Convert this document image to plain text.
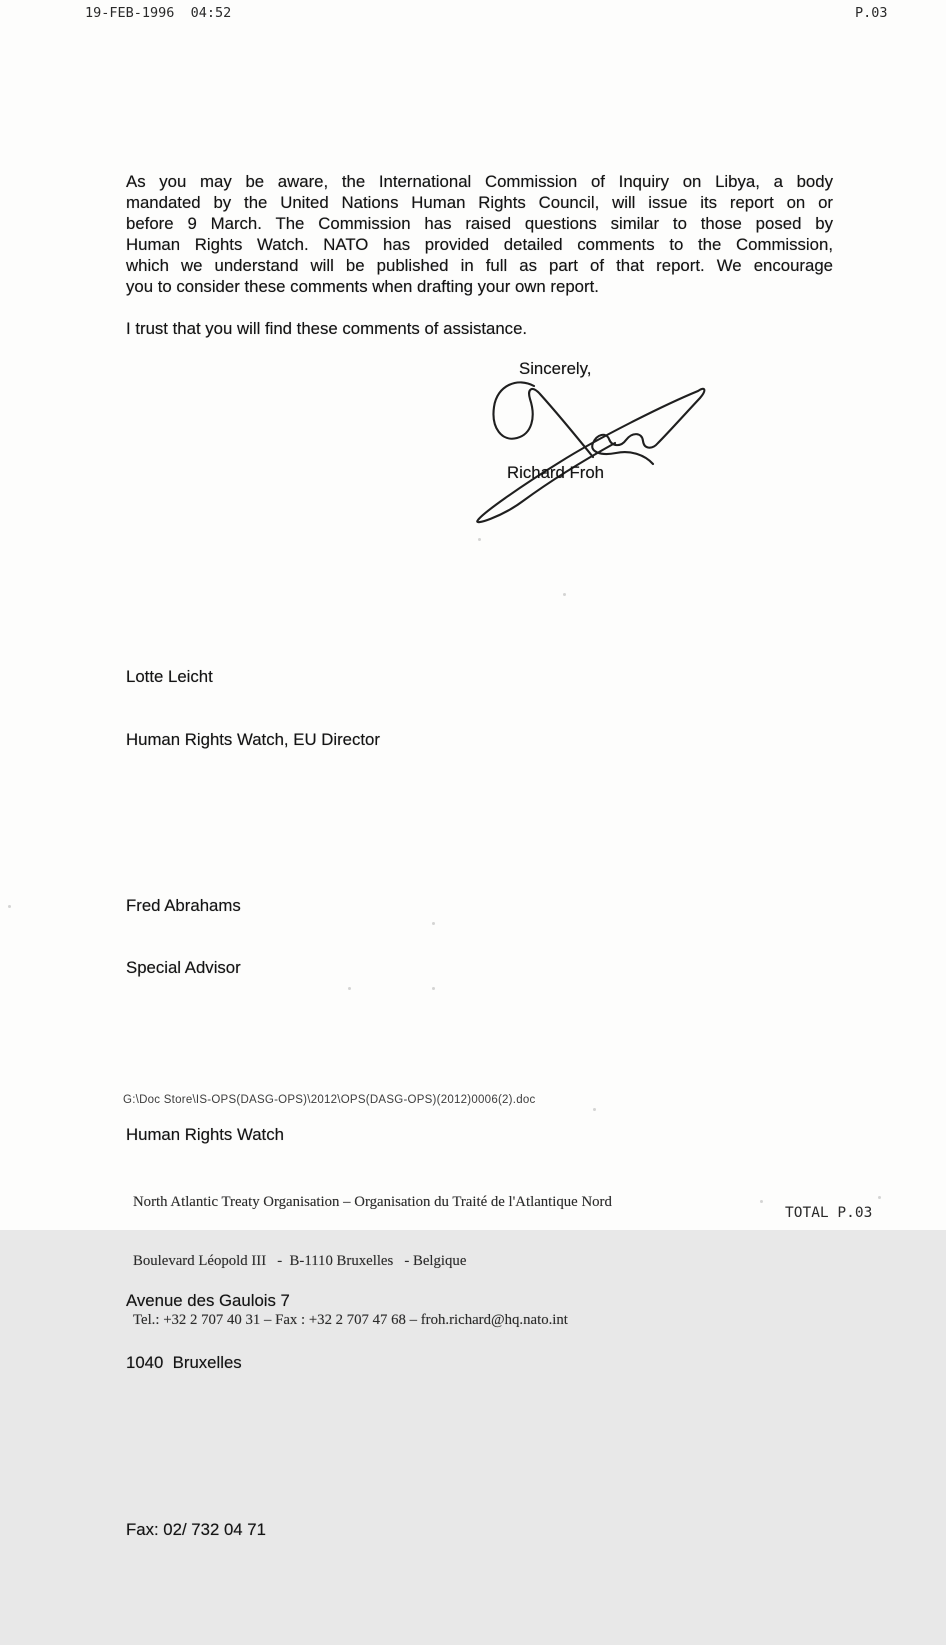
19-FEB-1996  04:52	P.03
As you may be aware, the International Commission of Inquiry on Libya, a body
mandated by the United Nations Human Rights Council, will issue its report on or
before 9 March. The Commission has raised questions similar to those posed by
Human Rights Watch. NATO has provided detailed comments to the Commission,
which we understand will be published in full as part of that report. We encourage
you to consider these comments when drafting your own report.
I trust that you will find these comments of assistance.
Sincerely,
Richard Froh

Lotte Leicht

Human Rights Watch, EU Director

Fred Abrahams

Special Advisor

Human Rights Watch

Avenue des Gaulois 7

1040  Bruxelles

Fax: 02/ 732 04 71

G:\Doc Store\IS-OPS(DASG-OPS)\2012\OPS(DASG-OPS)(2012)0006(2).doc

North Atlantic Treaty Organisation – Organisation du Traité de l'Atlantique Nord

Boulevard Léopold III   -  B-1110 Bruxelles   - Belgique

Tel.: +32 2 707 40 31 – Fax : +32 2 707 47 68 – froh.richard@hq.nato.int

TOTAL P.03
